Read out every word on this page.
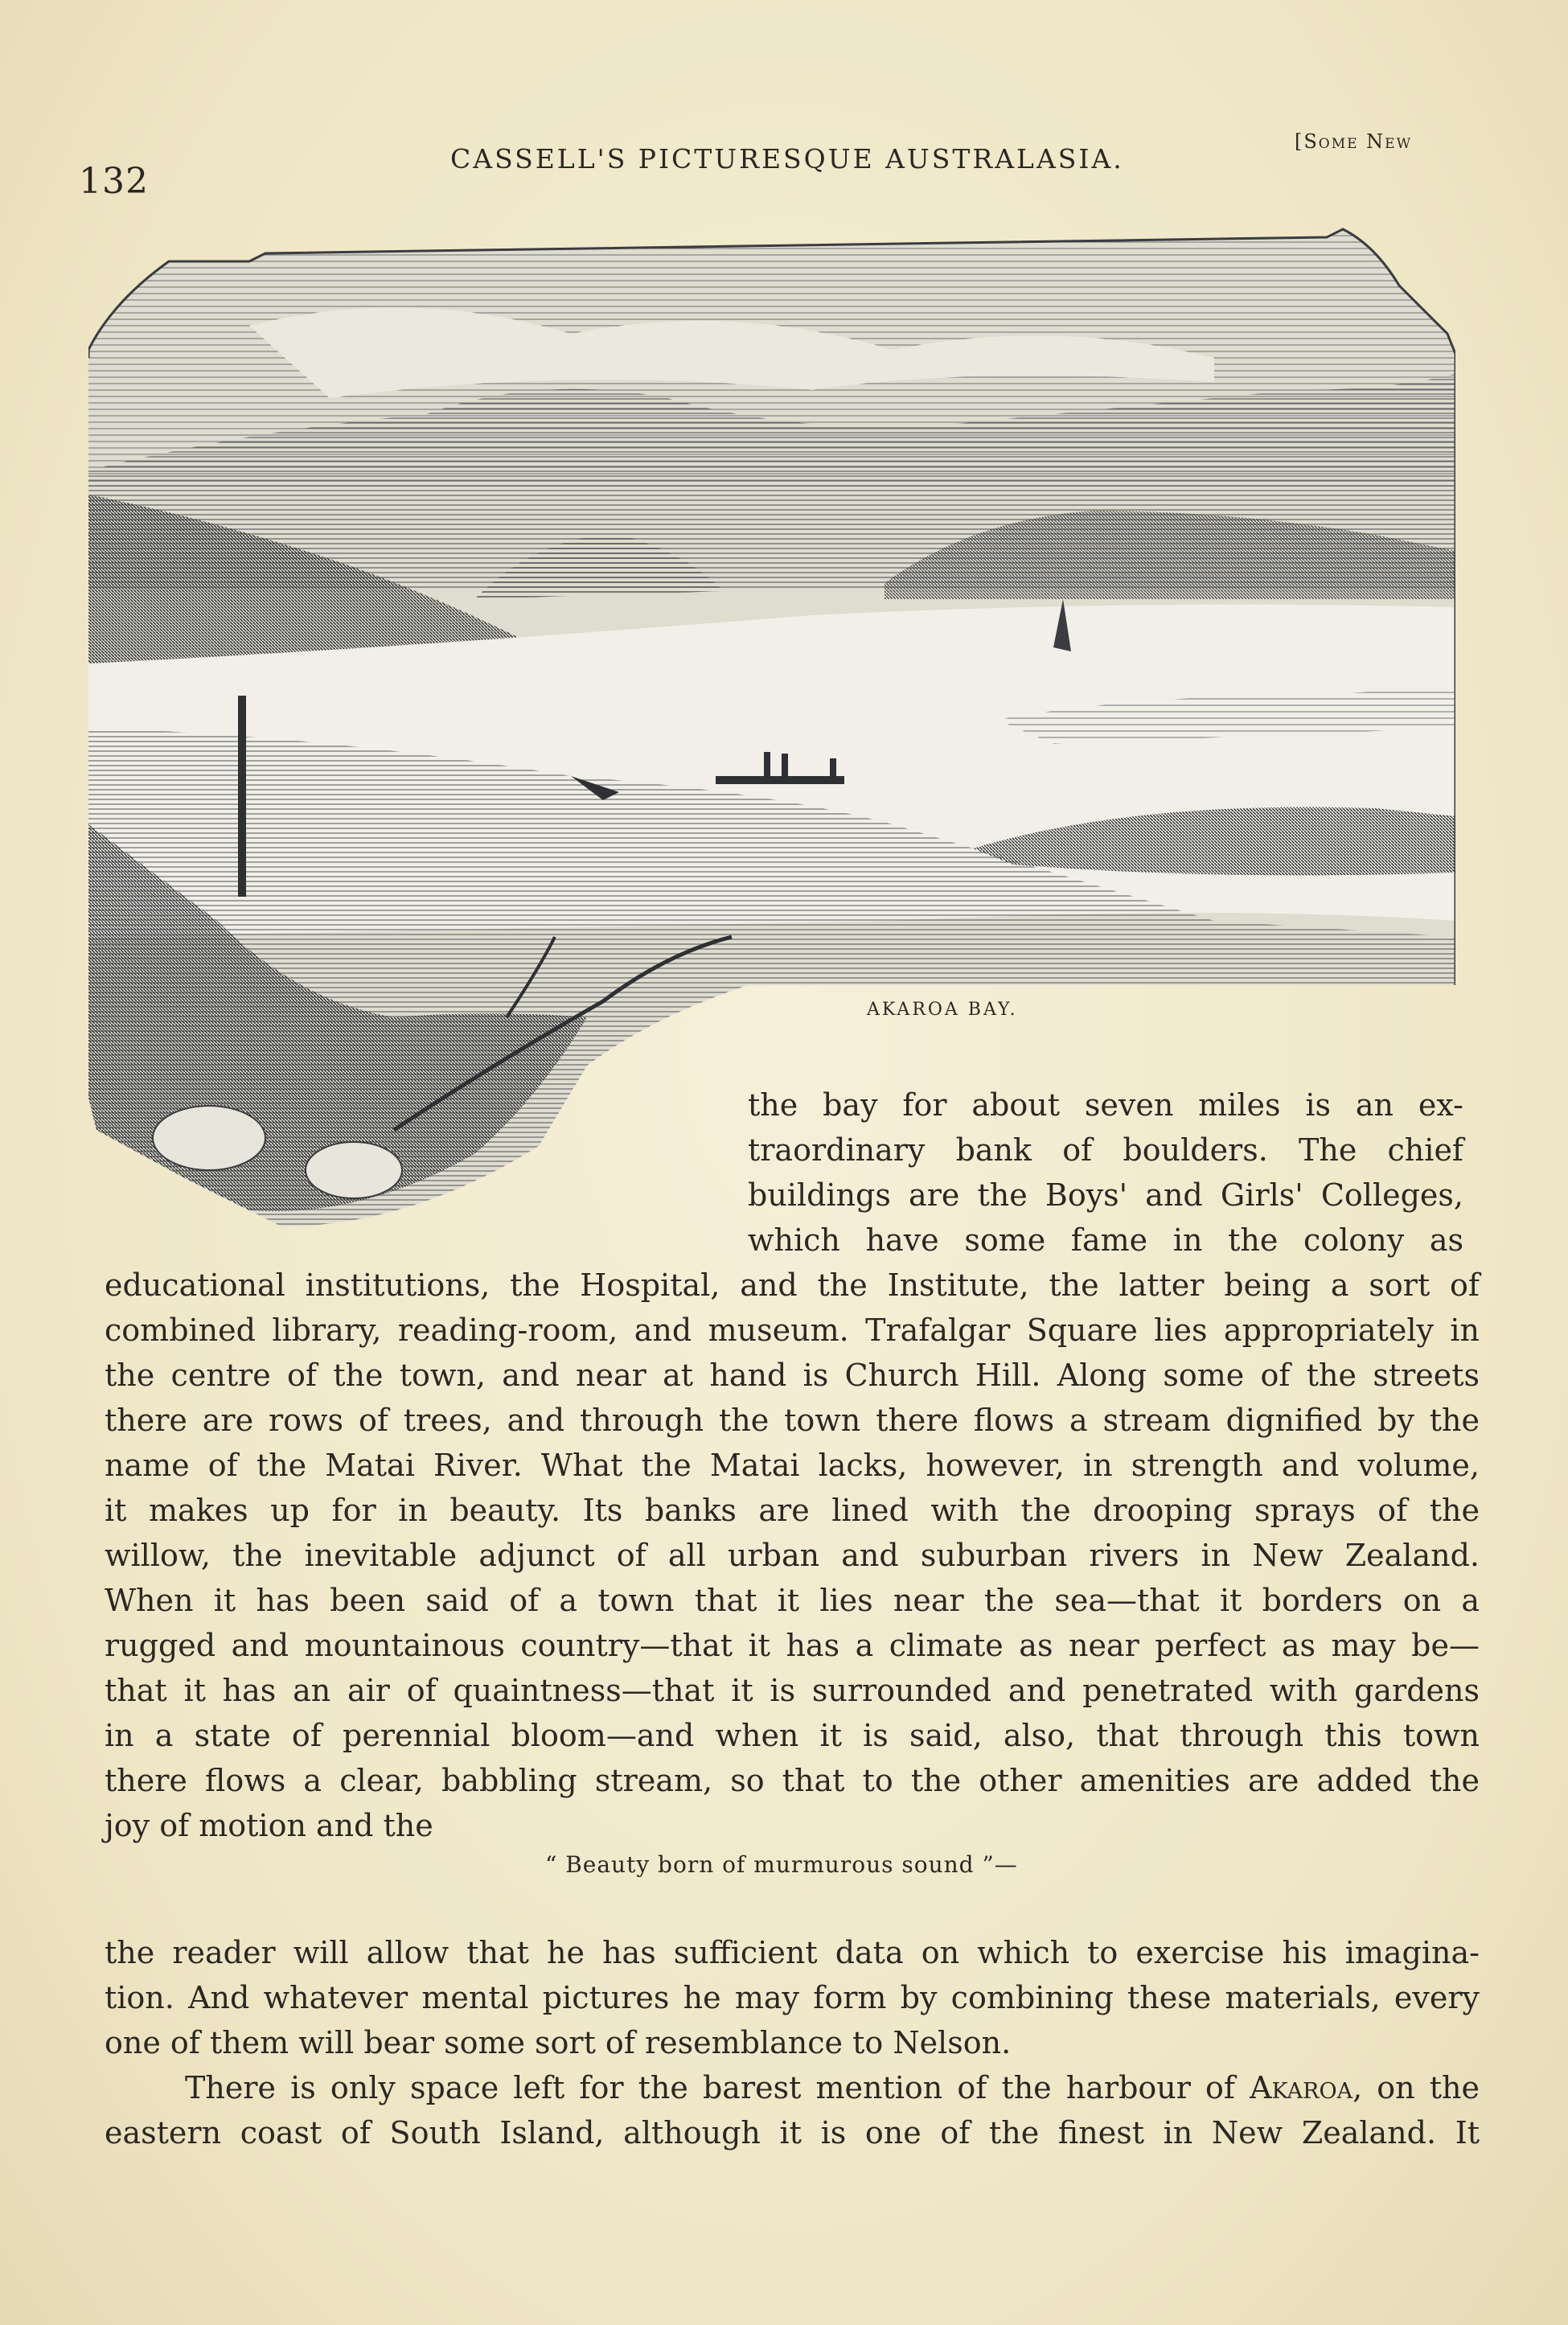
132
CASSELL'S PICTURESQUE AUSTRALASIA.
[Some New
AKAROA BAY.
the bay for about seven miles is an ex-
traordinary bank of boulders. The chief
buildings are the Boys' and Girls' Colleges,
which have some fame in the colony as
educational institutions, the Hospital, and the Institute, the latter being a sort of
combined library, reading-room, and museum. Trafalgar Square lies appropriately in
the centre of the town, and near at hand is Church Hill. Along some of the streets
there are rows of trees, and through the town there flows a stream dignified by the
name of the Matai River. What the Matai lacks, however, in strength and volume,
it makes up for in beauty. Its banks are lined with the drooping sprays of the
willow, the inevitable adjunct of all urban and suburban rivers in New Zealand.
When it has been said of a town that it lies near the sea—that it borders on a
rugged and mountainous country—that it has a climate as near perfect as may be—
that it has an air of quaintness—that it is surrounded and penetrated with gardens
in a state of perennial bloom—and when it is said, also, that through this town
there flows a clear, babbling stream, so that to the other amenities are added the
joy of motion and the
“ Beauty born of murmurous sound ”—
the reader will allow that he has sufficient data on which to exercise his imagina-
tion. And whatever mental pictures he may form by combining these materials, every
one of them will bear some sort of resemblance to Nelson.
There is only space left for the barest mention of the harbour of Akaroa, on the
eastern coast of South Island, although it is one of the finest in New Zealand. It
